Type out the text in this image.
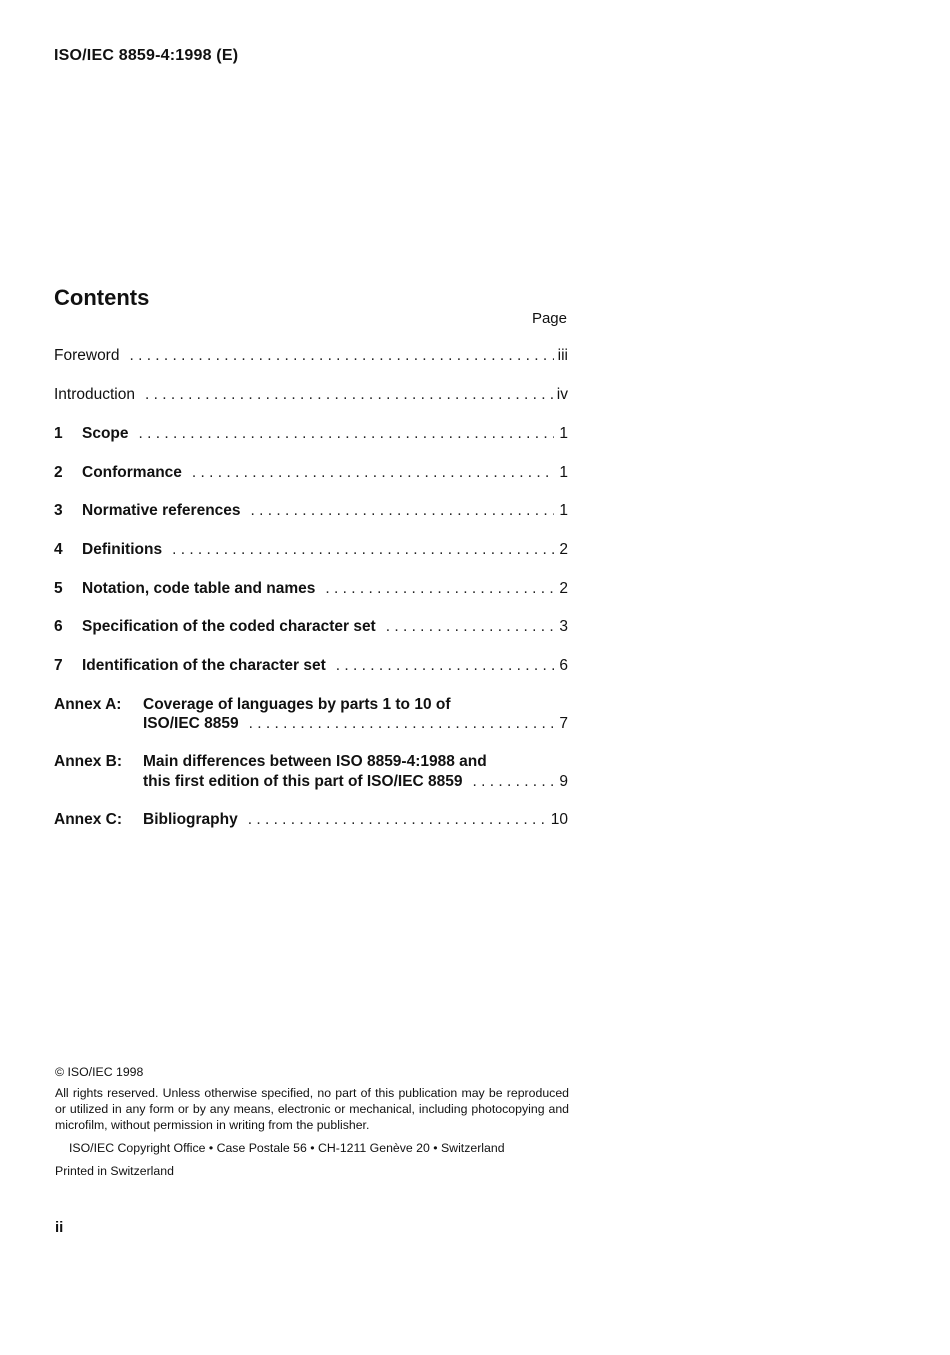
ISO/IEC 8859-4:1998 (E)
Contents
Page
Foreword . . .	iii
Introduction . . .	iv
1	Scope . . .	1
2	Conformance . . .	1
3	Normative references . . .	1
4	Definitions . . .	2
5	Notation, code table and names . . .	2
6	Specification of the coded character set . . .	3
7	Identification of the character set . . .	6
Annex A:	Coverage of languages by parts 1 to 10 of
ISO/IEC 8859 . . .	7
Annex B:	Main differences between ISO 8859-4:1988 and
this first edition of this part of ISO/IEC 8859 . . .	9
Annex C:	Bibliography . . .	10
© ISO/IEC 1998
All rights reserved. Unless otherwise specified, no part of this publication may be reproduced or utilized in any form or by any means, electronic or mechanical, including photocopying and microfilm, without permission in writing from the publisher.
ISO/IEC Copyright Office • Case Postale 56 • CH-1211 Genève 20 • Switzerland
Printed in Switzerland
ii
